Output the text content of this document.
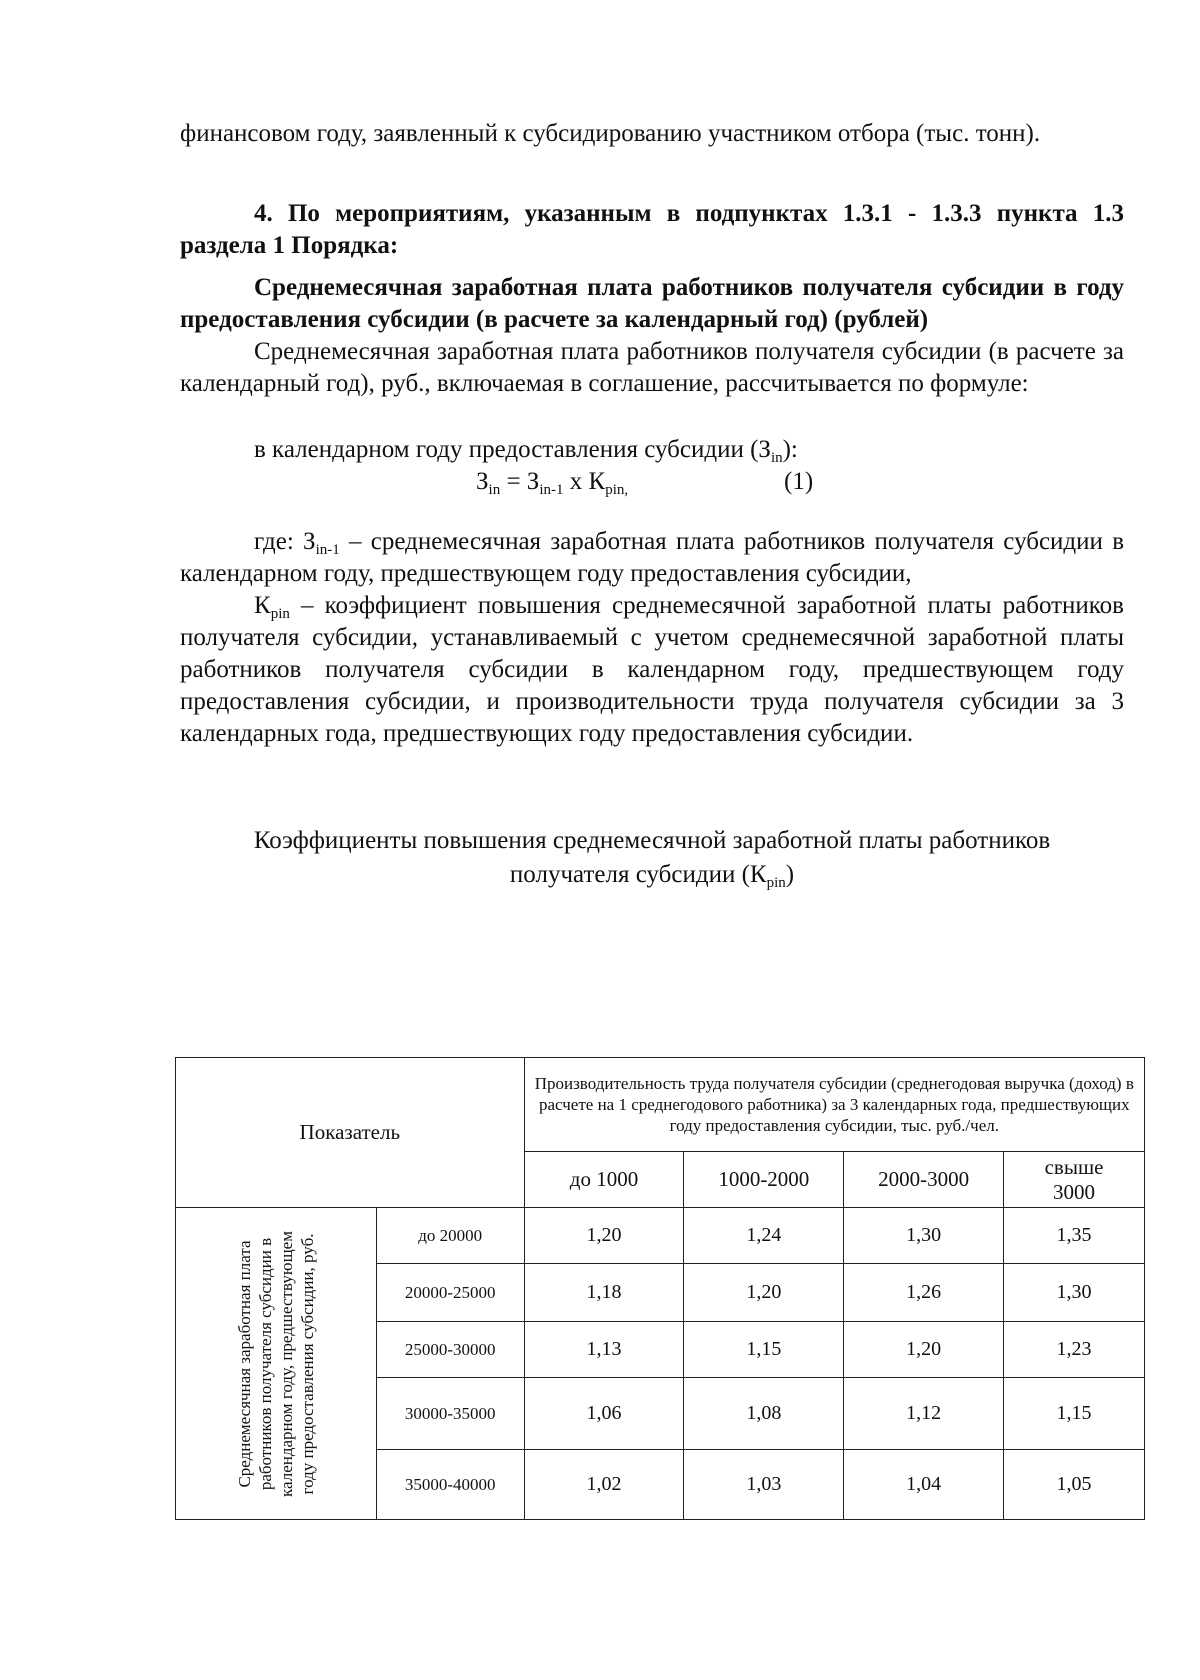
финансовом году, заявленный к субсидированию участником отбора (тыс. тонн).

4. По мероприятиям, указанным в подпунктах 1.3.1 - 1.3.3 пункта 1.3 раздела 1 Порядка:

Среднемесячная заработная плата работников получателя субсидии в году предоставления субсидии (в расчете за календарный год) (рублей)

Среднемесячная заработная плата работников получателя субсидии (в расчете за календарный год), руб., включаемая в соглашение, рассчитывается по формуле:

в календарном году предоставления субсидии $(З_{in})$:

$З_{in} = З_{in-1}$ х $К_{pin,}$	(1)

где: $З_{in-1}$ – среднемесячная заработная плата работников получателя субсидии в календарном году, предшествующем году предоставления субсидии,

$К_{pin}$ – коэффициент повышения среднемесячной заработной платы работников получателя субсидии, устанавливаемый с учетом среднемесячной заработной платы работников получателя субсидии в календарном году, предшествующем году предоставления субсидии, и производительности труда получателя субсидии за 3 календарных года, предшествующих году предоставления субсидии.

Коэффициенты повышения среднемесячной заработной платы работников
получателя субсидии $(К_{pin})$

Показатель		Производительность труда получателя субсидии (среднегодовая выручка (доход) в расчете на 1 среднегодового работника) за 3 календарных года, предшествующих году предоставления субсидии, тыс. руб./чел.			
		до 1000	1000-2000	2000-3000	свыше 3000

Среднемесячная заработная плата работников получателя субсидии в календарном году, предшествующем году предоставления субсидии, руб.	до 20000	1,20	1,24	1,30	1,35
	20000-25000	1,18	1,20	1,26	1,30
	25000-30000	1,13	1,15	1,20	1,23
	30000-35000	1,06	1,08	1,12	1,15
	35000-40000	1,02	1,03	1,04	1,05
